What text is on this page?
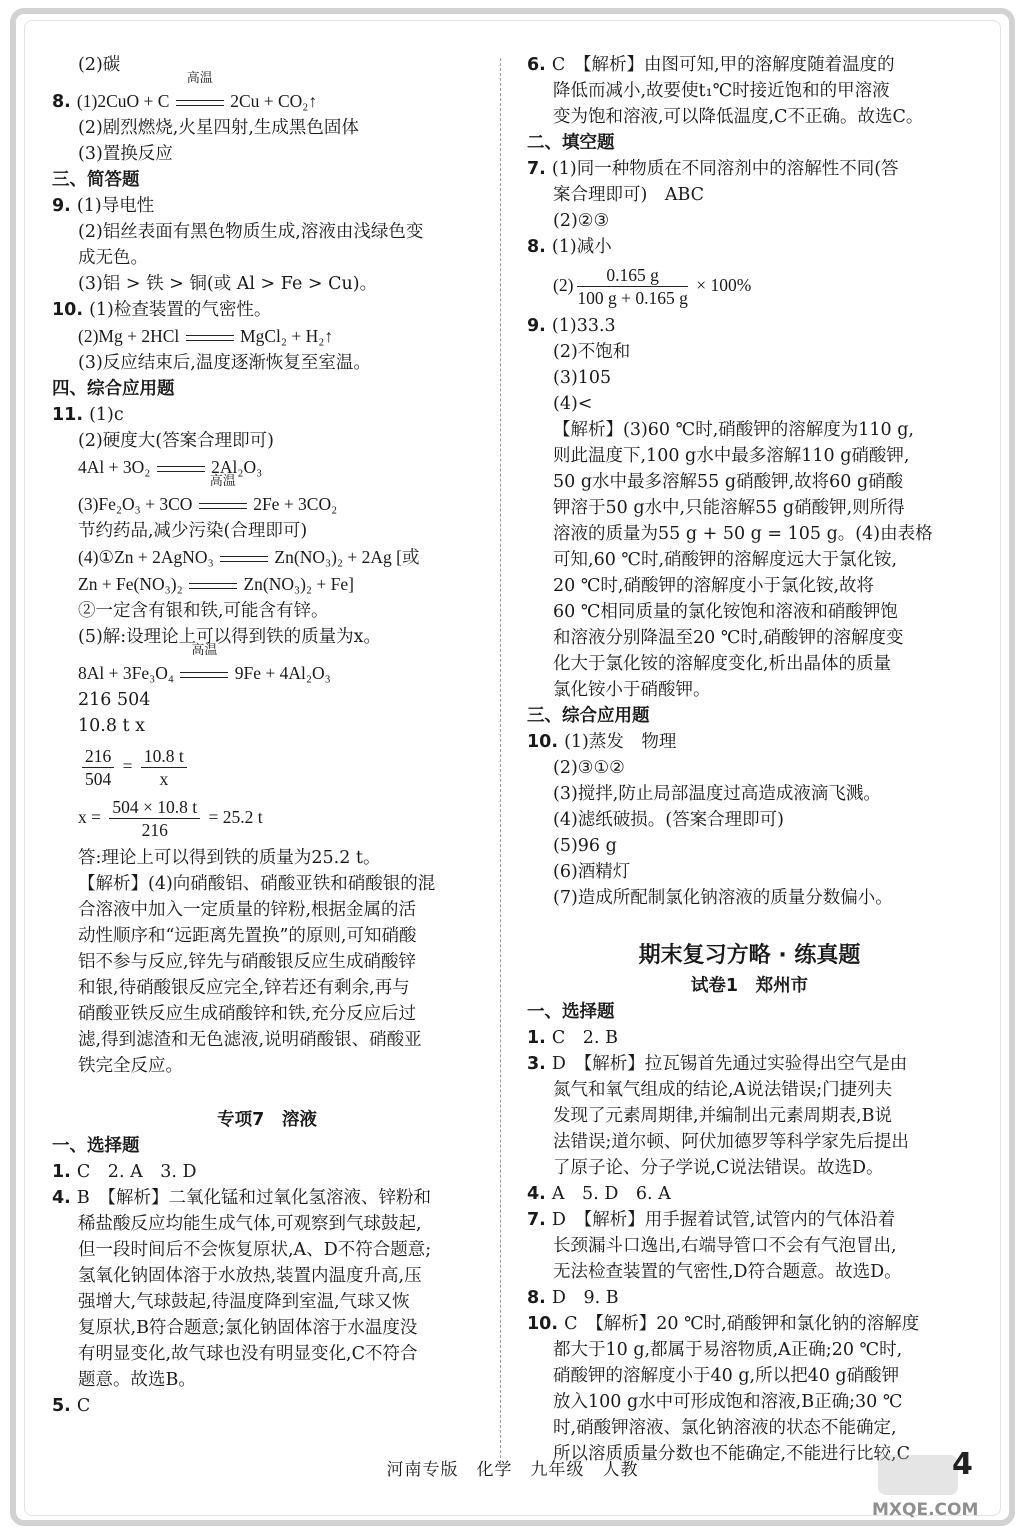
(2)碳
8. (1)2CuO + C
高温
2Cu + CO₂↑
(2)剧烈燃烧,火星四射,生成黑色固体
(3)置换反应
三、简答题
9. (1)导电性
(2)铝丝表面有黑色物质生成,溶液由浅绿色变
成无色。
(3)铝 > 铁 > 铜(或 Al > Fe > Cu)。
10. (1)检查装置的气密性。
(2)Mg + 2HCl	MgCl₂ + H₂↑
(3)反应结束后,温度逐渐恢复至室温。
四、综合应用题
11. (1)c
(2)硬度大(答案合理即可)
4Al + 3O₂	2Al₂O₃
(3)Fe₂O₃ + 3CO
高温
2Fe + 3CO₂
节约药品,减少污染(合理即可)
(4)①Zn + 2AgNO₃	Zn(NO₃)₂ + 2Ag [或
Zn + Fe(NO₃)₂	Zn(NO₃)₂ + Fe]
②一定含有银和铁,可能含有锌。
(5)解:设理论上可以得到铁的质量为x。
8Al + 3Fe₃O₄
高温
9Fe + 4Al₂O₃
216 504
10.8 t x
$\frac{216}{504} = \frac{10.8 t}{x}$
$x = \frac{504 \times 10.8 t}{216} = 25.2$ t
答:理论上可以得到铁的质量为25.2 t。
【解析】(4)向硝酸铝、硝酸亚铁和硝酸银的混
合溶液中加入一定质量的锌粉,根据金属的活
动性顺序和“远距离先置换”的原则,可知硝酸
铝不参与反应,锌先与硝酸银反应生成硝酸锌
和银,待硝酸银反应完全,锌若还有剩余,再与
硝酸亚铁反应生成硝酸锌和铁,充分反应后过
滤,得到滤渣和无色滤液,说明硝酸银、硝酸亚
铁完全反应。
专项7　溶液
一、选择题
1. C　2. A　3. D
4. B　【解析】二氧化锰和过氧化氢溶液、锌粉和
稀盐酸反应均能生成气体,可观察到气球鼓起,
但一段时间后不会恢复原状,A、D不符合题意;
氢氧化钠固体溶于水放热,装置内温度升高,压
强增大,气球鼓起,待温度降到室温,气球又恢
复原状,B符合题意;氯化钠固体溶于水温度没
有明显变化,故气球也没有明显变化,C不符合
题意。故选B。
5. C
6. C　【解析】由图可知,甲的溶解度随着温度的
降低而减小,故要使t₁℃时接近饱和的甲溶液
变为饱和溶液,可以降低温度,C不正确。故选C。
二、填空题
7. (1)同一种物质在不同溶剂中的溶解性不同(答
案合理即可)　ABC
(2)②③
8. (1)减小
$(2) \frac{0.165 g}{100 g + 0.165 g} \times 100\%$
9. (1)33.3
(2)不饱和
(3)105
(4)<
【解析】(3)60 ℃时,硝酸钾的溶解度为110 g,
则此温度下,100 g水中最多溶解110 g硝酸钾,
50 g水中最多溶解55 g硝酸钾,故将60 g硝酸
钾溶于50 g水中,只能溶解55 g硝酸钾,则所得
溶液的质量为55 g + 50 g = 105 g。(4)由表格
可知,60 ℃时,硝酸钾的溶解度远大于氯化铵,
20 ℃时,硝酸钾的溶解度小于氯化铵,故将
60 ℃相同质量的氯化铵饱和溶液和硝酸钾饱
和溶液分别降温至20 ℃时,硝酸钾的溶解度变
化大于氯化铵的溶解度变化,析出晶体的质量
氯化铵小于硝酸钾。
三、综合应用题
10. (1)蒸发　物理
(2)③①②
(3)搅拌,防止局部温度过高造成液滴飞溅。
(4)滤纸破损。(答案合理即可)
(5)96 g
(6)酒精灯
(7)造成所配制氯化钠溶液的质量分数偏小。
期末复习方略 · 练真题
试卷1　郑州市
一、选择题
1. C　2. B
3. D　【解析】拉瓦锡首先通过实验得出空气是由
氮气和氧气组成的结论,A说法错误;门捷列夫
发现了元素周期律,并编制出元素周期表,B说
法错误;道尔顿、阿伏加德罗等科学家先后提出
了原子论、分子学说,C说法错误。故选D。
4. A　5. D　6. A
7. D　【解析】用手握着试管,试管内的气体沿着
长颈漏斗口逸出,右端导管口不会有气泡冒出,
无法检查装置的气密性,D符合题意。故选D。
8. D　9. B
10. C　【解析】20 ℃时,硝酸钾和氯化钠的溶解度
都大于10 g,都属于易溶物质,A正确;20 ℃时,
硝酸钾的溶解度小于40 g,所以把40 g硝酸钾
放入100 g水中可形成饱和溶液,B正确;30 ℃
时,硝酸钾溶液、氯化钠溶液的状态不能确定,
所以溶质质量分数也不能确定,不能进行比较,C
河南专版　化学　九年级　人教	4
MXQE.COM
